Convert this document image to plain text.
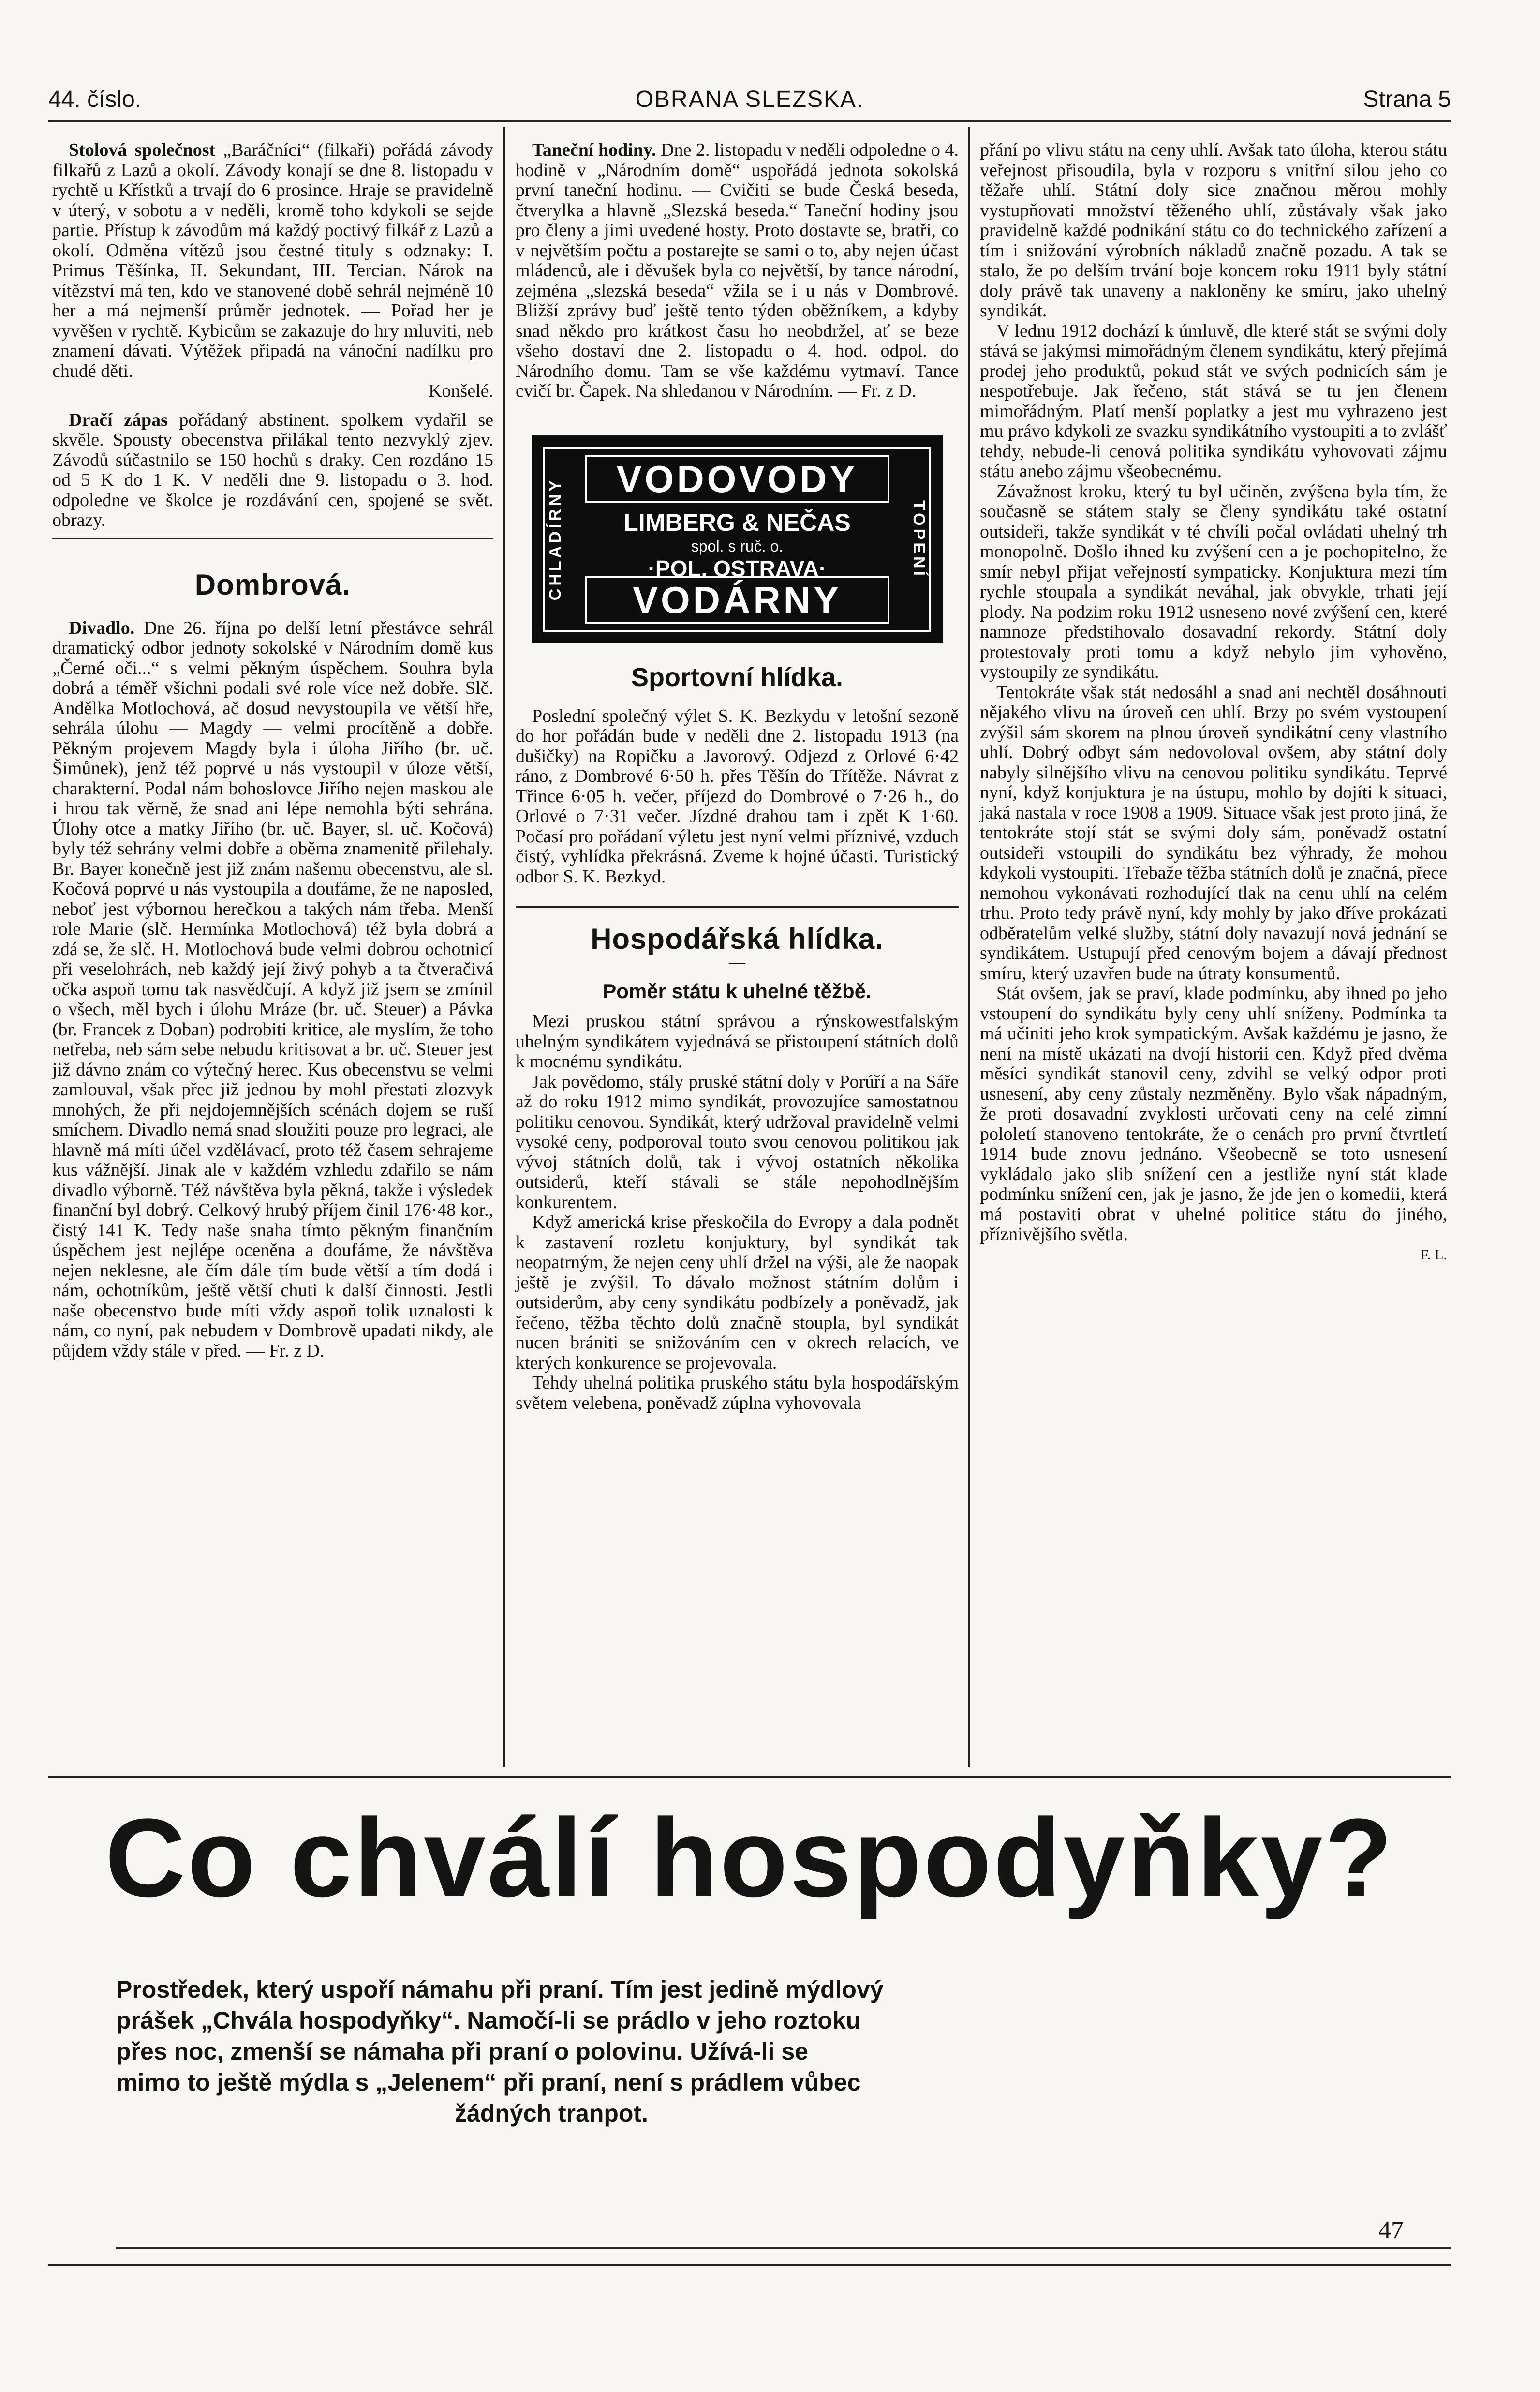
44. číslo.	OBRANA SLEZSKA.	Strana 5

Stolová společnost „Baráčníci“ (filkaři) pořádá závody filkařů z Lazů a okolí. Závody konají se dne 8. listopadu v rychtě u Křístků a trvají do 6 prosince. Hraje se pravidelně v úterý, v sobotu a v neděli, kromě toho kdykoli se sejde partie. Přístup k závodům má každý poctivý filkář z Lazů a okolí. Odměna vítězů jsou čestné tituly s odznaky: I. Primus Těšínka, II. Sekundant, III. Tercian. Nárok na vítězství má ten, kdo ve stanovené době sehrál nejméně 10 her a má nejmenší průměr jednotek. — Pořad her je vyvěšen v rychtě. Kybicům se zakazuje do hry mluviti, neb znamení dávati. Výtěžek připadá na vánoční nadílku pro chudé děti.

Konšelé.

Dračí zápas pořádaný abstinent. spolkem vydařil se skvěle. Spousty obecenstva přilákal tento nezvyklý zjev. Závodů súčastnilo se 150 hochů s draky. Cen rozdáno 15 od 5 K do 1 K. V neděli dne 9. listopadu o 3. hod. odpoledne ve školce je rozdávání cen, spojené se svět. obrazy.

Dombrová.

Divadlo. Dne 26. října po delší letní přestávce sehrál dramatický odbor jednoty sokolské v Národním domě kus „Černé oči...“ s velmi pěkným úspěchem. Souhra byla dobrá a téměř všichni podali své role více než dobře. Slč. Andělka Motlochová, ač dosud nevystoupila ve větší hře, sehrála úlohu — Magdy — velmi procítěně a dobře. Pěkným projevem Magdy byla i úloha Jiřího (br. uč. Šimůnek), jenž též poprvé u nás vystoupil v úloze větší, charakterní. Podal nám bohoslovce Jiřího nejen maskou ale i hrou tak věrně, že snad ani lépe nemohla býti sehrána. Úlohy otce a matky Jiřího (br. uč. Bayer, sl. uč. Kočová) byly též sehrány velmi dobře a oběma znamenitě přilehaly. Br. Bayer konečně jest již znám našemu obecenstvu, ale sl. Kočová poprvé u nás vystoupila a doufáme, že ne naposled, neboť jest výbornou herečkou a takých nám třeba. Menší role Marie (slč. Hermínka Motlochová) též byla dobrá a zdá se, že slč. H. Motlochová bude velmi dobrou ochotnicí při veselohrách, neb každý její živý pohyb a ta čtveračivá očka aspoň tomu tak nasvědčují. A když již jsem se zmínil o všech, měl bych i úlohu Mráze (br. uč. Steuer) a Pávka (br. Francek z Doban) podrobiti kritice, ale myslím, že toho netřeba, neb sám sebe nebudu kritisovat a br. uč. Steuer jest již dávno znám co výtečný herec. Kus obecenstvu se velmi zamlouval, však přec již jednou by mohl přestati zlozvyk mnohých, že při nejdojemnějších scénách dojem se ruší smíchem. Divadlo nemá snad sloužiti pouze pro legraci, ale hlavně má míti účel vzdělávací, proto též časem sehrajeme kus vážnější. Jinak ale v každém vzhledu zdařilo se nám divadlo výborně. Též návštěva byla pěkná, takže i výsledek finanční byl dobrý. Celkový hrubý příjem činil 176·48 kor., čistý 141 K. Tedy naše snaha tímto pěkným finančním úspěchem jest nejlépe oceněna a doufáme, že návštěva nejen neklesne, ale čím dále tím bude větší a tím dodá i nám, ochotníkům, ještě větší chuti k další činnosti. Jestli naše obecenstvo bude míti vždy aspoň tolik uznalosti k nám, co nyní, pak nebudem v Dombrově upadati nikdy, ale půjdem vždy stále v před. — Fr. z D.

Taneční hodiny. Dne 2. listopadu v neděli odpoledne o 4. hodině v „Národním domě“ uspořádá jednota sokolská první taneční hodinu. — Cvičiti se bude Česká beseda, čtverylka a hlavně „Slezská beseda.“ Taneční hodiny jsou pro členy a jimi uvedené hosty. Proto dostavte se, bratři, co v největším počtu a postarejte se sami o to, aby nejen účast mládenců, ale i děvušek byla co největší, by tance národní, zejména „slezská beseda“ vžila se i u nás v Dombrové. Bližší zprávy buď ještě tento týden oběžníkem, a kdyby snad někdo pro krátkost času ho neobdržel, ať se beze všeho dostaví dne 2. listopadu o 4. hod. odpol. do Národního domu. Tam se vše každému vytmaví. Tance cvičí br. Čapek. Na shledanou v Národním. — Fr. z D.

CHLADÍRNY	TOPENÍ
VODOVODY
LIMBERG & NEČAS
spol. s ruč. o.
·POL. OSTRAVA·
VODÁRNY
Sportovní hlídka.

Poslední společný výlet S. K. Bezkydu v letošní sezoně do hor pořádán bude v neděli dne 2. listopadu 1913 (na dušičky) na Ropičku a Javorový. Odjezd z Orlové 6·42 ráno, z Dombrové 6·50 h. přes Těšín do Třítěže. Návrat z Třince 6·05 h. večer, příjezd do Dombrové o 7·26 h., do Orlové o 7·31 večer. Jízdné drahou tam i zpět K 1·60. Počasí pro pořádaní výletu jest nyní velmi příznivé, vzduch čistý, vyhlídka překrásná. Zveme k hojné účasti. Turistický odbor S. K. Bezkyd.

Hospodářská hlídka.
—
Poměr státu k uhelné těžbě.

Mezi pruskou státní správou a rýnskowestfalským uhelným syndikátem vyjednává se přistoupení státních dolů k mocnému syndikátu.

Jak povědomo, stály pruské státní doly v Porúří a na Sáře až do roku 1912 mimo syndikát, provozujíce samostatnou politiku cenovou. Syndikát, který udržoval pravidelně velmi vysoké ceny, podporoval touto svou cenovou politikou jak vývoj státních dolů, tak i vývoj ostatních několika outsiderů, kteří stávali se stále nepohodlnějším konkurentem.

Když americká krise přeskočila do Evropy a dala podnět k zastavení rozletu konjuktury, byl syndikát tak neopatrným, že nejen ceny uhlí držel na výši, ale že naopak ještě je zvýšil. To dávalo možnost státním dolům i outsiderům, aby ceny syndikátu podbízely a poněvadž, jak řečeno, těžba těchto dolů značně stoupla, byl syndikát nucen brániti se snižováním cen v okrech relacích, ve kterých konkurence se projevovala.

Tehdy uhelná politika pruského státu byla hospodářským světem velebena, poněvadž zúplna vyhovovala

přání po vlivu státu na ceny uhlí. Avšak tato úloha, kterou státu veřejnost přisoudila, byla v rozporu s vnitřní silou jeho co těžaře uhlí. Státní doly sice značnou měrou mohly vystupňovati množství těženého uhlí, zůstávaly však jako pravidelně každé podnikání státu co do technického zařízení a tím i snižování výrobních nákladů značně pozadu. A tak se stalo, že po delším trvání boje koncem roku 1911 byly státní doly právě tak unaveny a nakloněny ke smíru, jako uhelný syndikát.

V lednu 1912 dochází k úmluvě, dle které stát se svými doly stává se jakýmsi mimořádným členem syndikátu, který přejímá prodej jeho produktů, pokud stát ve svých podnicích sám je nespotřebuje. Jak řečeno, stát stává se tu jen členem mimořádným. Platí menší poplatky a jest mu vyhrazeno jest mu právo kdykoli ze svazku syndikátního vystoupiti a to zvlášť tehdy, nebude-li cenová politika syndikátu vyhovovati zájmu státu anebo zájmu všeobecnému.

Závažnost kroku, který tu byl učiněn, zvýšena byla tím, že současně se státem staly se členy syndikátu také ostatní outsideři, takže syndikát v té chvíli počal ovládati uhelný trh monopolně. Došlo ihned ku zvýšení cen a je pochopitelno, že smír nebyl přijat veřejností sympaticky. Konjuktura mezi tím rychle stoupala a syndikát neváhal, jak obvykle, trhati její plody. Na podzim roku 1912 usneseno nové zvýšení cen, které namnoze předstihovalo dosavadní rekordy. Státní doly protestovaly proti tomu a když nebylo jim vyhověno, vystoupily ze syndikátu.

Tentokráte však stát nedosáhl a snad ani nechtěl dosáhnouti nějakého vlivu na úroveň cen uhlí. Brzy po svém vystoupení zvýšil sám skorem na plnou úroveň syndikátní ceny vlastního uhlí. Dobrý odbyt sám nedovoloval ovšem, aby státní doly nabyly silnějšího vlivu na cenovou politiku syndikátu. Teprvé nyní, když konjuktura je na ústupu, mohlo by dojíti k situaci, jaká nastala v roce 1908 a 1909. Situace však jest proto jiná, že tentokráte stojí stát se svými doly sám, poněvadž ostatní outsideři vstoupili do syndikátu bez výhrady, že mohou kdykoli vystoupiti. Třebaže těžba státních dolů je značná, přece nemohou vykonávati rozhodující tlak na cenu uhlí na celém trhu. Proto tedy právě nyní, kdy mohly by jako dříve prokázati odběratelům velké služby, státní doly navazují nová jednání se syndikátem. Ustupují před cenovým bojem a dávají přednost smíru, který uzavřen bude na útraty konsumentů.

Stát ovšem, jak se praví, klade podmínku, aby ihned po jeho vstoupení do syndikátu byly ceny uhlí sníženy. Podmínka ta má učiniti jeho krok sympatickým. Avšak každému je jasno, že není na místě ukázati na dvojí historii cen. Když před dvěma měsíci syndikát stanovil ceny, zdvihl se velký odpor proti usnesení, aby ceny zůstaly nezměněny. Bylo však nápadným, že proti dosavadní zvyklosti určovati ceny na celé zimní pololetí stanoveno tentokráte, že o cenách pro první čtvrtletí 1914 bude znovu jednáno. Všeobecně se toto usnesení vykládalo jako slib snížení cen a jestliže nyní stát klade podmínku snížení cen, jak je jasno, že jde jen o komedii, která má postaviti obrat v uhelné politice státu do jiného, příznivějšího světla.

F. L.

Co chválí hospodyňky?
Prostředek, který uspoří námahu při praní. Tím jest jedině mýdlový
prášek „Chvála hospodyňky“. Namočí-li se prádlo v jeho roztoku
přes noc, zmenší se námaha při praní o polovinu. Užívá-li se
mimo to ještě mýdla s „Jelenem“ při praní, není s prádlem vůbec
žádných tranpot.
47
